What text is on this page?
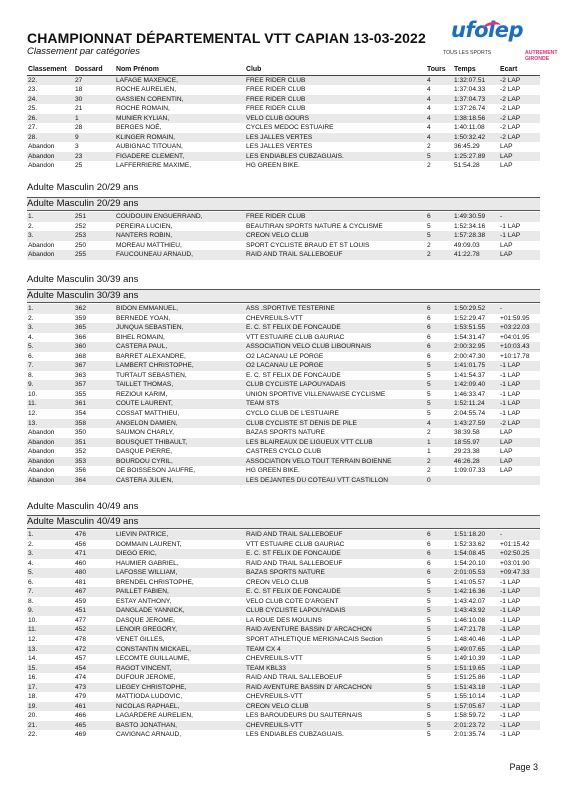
CHAMPIONNAT DÉPARTEMENTAL VTT CAPIAN 13-03-2022
Classement par catégories
ufolep
TOUS LES SPORTS	AUTREMENT
GIRONDE
Classement	Dossard	Nom Prénom	Club	Tours	Temps	Ecart
22.	27	LAFAGE MAXENCE,	FREE RIDER CLUB	4	1:32:07.51	-2 LAP
23.	18	ROCHE AURELIEN,	FREE RIDER CLUB	4	1:37:04.33	-2 LAP
24.	30	GASSIEN CORENTIN,	FREE RIDER CLUB	4	1:37:04.73	-2 LAP
25.	21	ROCHE ROMAIN,	FREE RIDER CLUB	4	1:37:26.74	-2 LAP
26.	1	MUNIER KYLIAN,	VELO CLUB GOURS	4	1:38:18.56	-2 LAP
27.	28	BERGES NOÉ,	CYCLES MEDOC ESTUAIRE	4	1:40:11.08	-2 LAP
28.	9	KLINGER ROMAIN,	LES JALLES VERTES	4	1:50:32.42	-2 LAP
Abandon	3	AUBIGNAC TITOUAN,	LES JALLES VERTES	2	36:45.29	LAP
Abandon	23	FIGADERE CLEMENT,	LES ENDIABLES CUBZAGUAIS.	5	1:25:27.89	LAP
Abandon	25	LAFFERRIERE MAXIME,	HG GREEN BIKE.	2	51:54.28	LAP
Adulte Masculin 20/29 ans
Adulte Masculin 20/29 ans
1.	251	COUDOUIN ENGUERRAND,	FREE RIDER CLUB	6	1:49:30.59	-
2.	252	PEREIRA LUCIEN,	BEAUTIRAN SPORTS NATURE & CYCLISME	5	1:52:34.16	-1 LAP
3.	253	NANTERS ROBIN,	CREON VELO CLUB	5	1:57:28.38	-1 LAP
Abandon	250	MOREAU MATTHIEU,	SPORT CYCLISTE BRAUD ET ST LOUIS	2	49:09.03	LAP
Abandon	255	FAUCOUNEAU ARNAUD,	RAID AND TRAIL SALLEBOEUF	2	41:22.78	LAP
Adulte Masculin 30/39 ans
Adulte Masculin 30/39 ans
1.	362	BIDON EMMANUEL,	ASS .SPORTIVE TESTERINE	6	1:50:29.52	-
2.	359	BERNEDE YOAN,	CHEVREUILS-VTT	6	1:52:29.47	+01:59.95
3.	365	JUNQUA SEBASTIEN,	E. C. ST FELIX DE FONCAUDE	6	1:53:51.55	+03:22.03
4.	366	BIHEL ROMAIN,	VTT ESTUAIRE CLUB GAURIAC	6	1:54:31.47	+04:01.95
5.	360	CASTERA PAUL,	ASSOCIATION VELO CLUB LIBOURNAIS	6	2:00:32.95	+10:03.43
6.	368	BARRET ALEXANDRE,	O2 LACANAU LE PORGE	6	2:00:47.30	+10:17.78
7.	367	LAMBERT CHRISTOPHE,	O2 LACANAU LE PORGE	5	1:41:01.75	-1 LAP
8.	363	TURTAUT SEBASTIEN,	E. C. ST FELIX DE FONCAUDE	5	1:41:54.37	-1 LAP
9.	357	TAILLET THOMAS,	CLUB CYCLISTE LAPOUYADAIS	5	1:42:09.40	-1 LAP
10.	355	REZIOUI KARIM,	UNION SPORTIVE VILLENAVAISE CYCLISME	5	1:46:33.47	-1 LAP
11.	361	COUTE LAURENT,	TEAM STS	5	1:52:11.24	-1 LAP
12.	354	COSSAT MATTHIEU,	CYCLO CLUB DE L'ESTUAIRE	5	2:04:55.74	-1 LAP
13.	358	ANGELON DAMIEN,	CLUB CYCLISTE ST DENIS DE PILE	4	1:43:27.59	-2 LAP
Abandon	350	SAUMON CHARLY,	BAZAS SPORTS NATURE	2	38:39.58	LAP
Abandon	351	BOUSQUET THIBAULT,	LES BLAIREAUX DE LIGUEUX VTT CLUB	1	18:55.97	LAP
Abandon	352	DASQUE PIERRE,	CASTRES CYCLO CLUB	1	29:23.38	LAP
Abandon	353	BOURDOU CYRIL,	ASSOCIATION VELO TOUT TERRAIN BOIENNE	2	46:26.28	LAP
Abandon	356	DE BOISSESON JAUFRE,	HG GREEN BIKE.	2	1:09:07.33	LAP
Abandon	364	CASTERA JULIEN,	LES DEJANTES DU COTEAU VTT CASTILLON	0		
Adulte Masculin 40/49 ans
Adulte Masculin 40/49 ans
1.	476	LIEVIN PATRICE,	RAID AND TRAIL SALLEBOEUF	6	1:51:18.20	-
2.	456	DOMMAIN LAURENT,	VTT ESTUAIRE CLUB GAURIAC	6	1:52:33.62	+01:15.42
3.	471	DIEGO ERIC,	E. C. ST FELIX DE FONCAUDE	6	1:54:08.45	+02:50.25
4.	460	HAUMIER GABRIEL,	RAID AND TRAIL SALLEBOEUF	6	1:54:20.10	+03:01.90
5.	480	LAFOSSE WILLIAM,	BAZAS SPORTS NATURE	6	2:01:05.53	+09:47.33
6.	481	BRENDEL CHRISTOPHE,	CREON VELO CLUB	5	1:41:05.57	-1 LAP
7.	467	PAILLET FABIEN,	E. C. ST FELIX DE FONCAUDE	5	1:42:16.36	-1 LAP
8.	459	ESTAY ANTHONY,	VELO CLUB COTE D'ARGENT	5	1:43:42.07	-1 LAP
9.	451	DANGLADE YANNICK,	CLUB CYCLISTE LAPOUYADAIS	5	1:43:43.92	-1 LAP
10.	477	DASQUE JEROME,	LA ROUE DES MOULINS	5	1:46:10.08	-1 LAP
11.	452	LENOIR GREGORY,	RAID AVENTURE BASSIN D' ARCACHON	5	1:47:21.78	-1 LAP
12.	478	VENET GILLES,	SPORT ATHLETIQUE MERIGNACAIS Section	5	1:48:40.46	-1 LAP
13.	472	CONSTANTIN MICKAEL,	TEAM CX 4	5	1:49:07.65	-1 LAP
14.	457	LECOMTE GUILLAUME,	CHEVREUILS-VTT	5	1:49:10.39	-1 LAP
15.	454	RAGOT VINCENT,	TEAM KBL33	5	1:51:19.65	-1 LAP
16.	474	DUFOUR JEROME,	RAID AND TRAIL SALLEBOEUF	5	1:51:25.86	-1 LAP
17.	473	LIEGEY CHRISTOPHE,	RAID AVENTURE BASSIN D' ARCACHON	5	1:51:43.18	-1 LAP
18.	479	MATTIODA LUDOVIC,	CHEVREUILS-VTT	5	1:55:10.14	-1 LAP
19.	461	NICOLAS RAPHAEL,	CREON VELO CLUB	5	1:57:05.67	-1 LAP
20.	466	LAGARDERE AURELIEN,	LES BAROUDEURS DU SAUTERNAIS	5	1:58:59.72	-1 LAP
21.	465	BASTO JONATHAN,	CHEVREUILS-VTT	5	2:01:23.72	-1 LAP
22.	469	CAVIGNAC ARNAUD,	LES ENDIABLES CUBZAGUAIS.	5	2:01:35.74	-1 LAP
Page 3
